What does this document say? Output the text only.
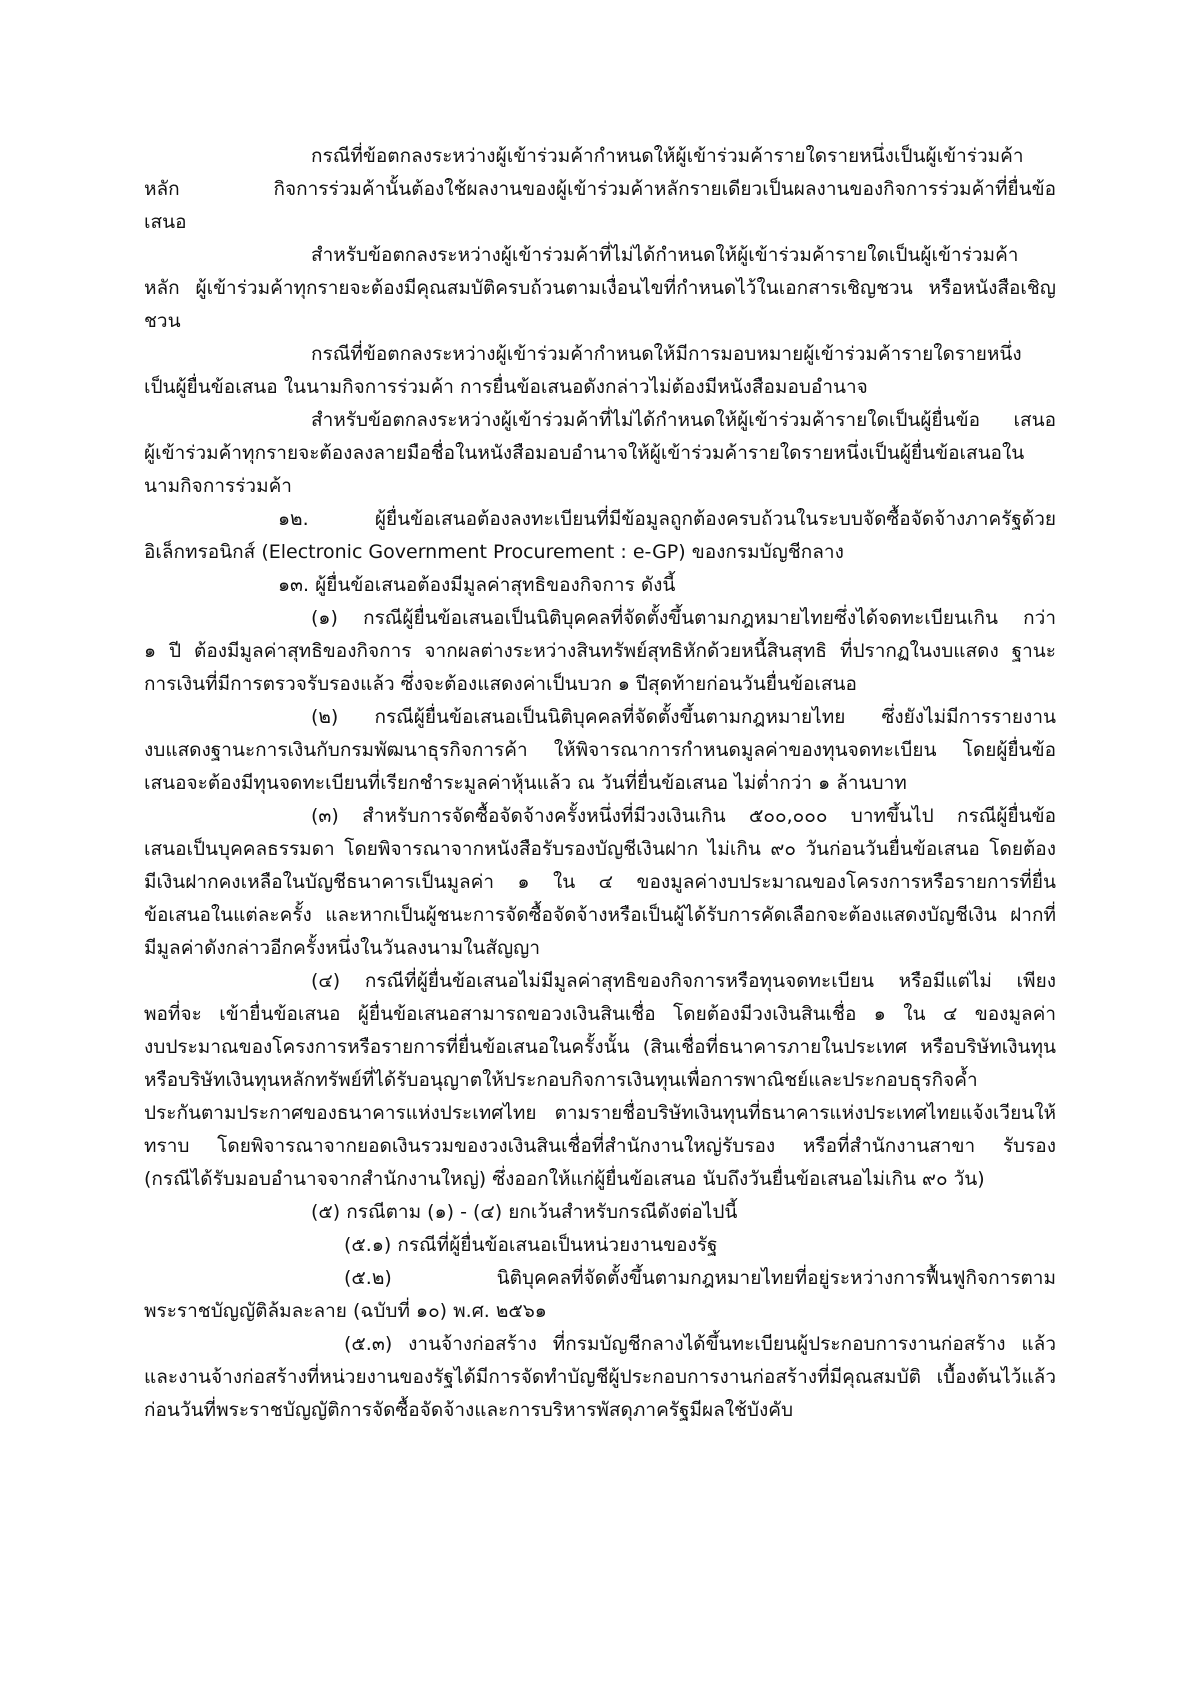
กรณีที่ข้อตกลงระหว่างผู้เข้าร่วมค้ากำหนดให้ผู้เข้าร่วมค้ารายใดรายหนึ่งเป็นผู้เข้าร่วมค้า
หลัก กิจการร่วมค้านั้นต้องใช้ผลงานของผู้เข้าร่วมค้าหลักรายเดียวเป็นผลงานของกิจการร่วมค้าที่ยื่นข้อ
เสนอ
สำหรับข้อตกลงระหว่างผู้เข้าร่วมค้าที่ไม่ได้กำหนดให้ผู้เข้าร่วมค้ารายใดเป็นผู้เข้าร่วมค้า
หลัก ผู้เข้าร่วมค้าทุกรายจะต้องมีคุณสมบัติครบถ้วนตามเงื่อนไขที่กำหนดไว้ในเอกสารเชิญชวน หรือหนังสือเชิญ
ชวน
กรณีที่ข้อตกลงระหว่างผู้เข้าร่วมค้ากำหนดให้มีการมอบหมายผู้เข้าร่วมค้ารายใดรายหนึ่ง
เป็นผู้ยื่นข้อเสนอ ในนามกิจการร่วมค้า การยื่นข้อเสนอดังกล่าวไม่ต้องมีหนังสือมอบอำนาจ
สำหรับข้อตกลงระหว่างผู้เข้าร่วมค้าที่ไม่ได้กำหนดให้ผู้เข้าร่วมค้ารายใดเป็นผู้ยื่นข้อ เสนอ
ผู้เข้าร่วมค้าทุกรายจะต้องลงลายมือชื่อในหนังสือมอบอำนาจให้ผู้เข้าร่วมค้ารายใดรายหนึ่งเป็นผู้ยื่นข้อเสนอใน
นามกิจการร่วมค้า
๑๒. ผู้ยื่นข้อเสนอต้องลงทะเบียนที่มีข้อมูลถูกต้องครบถ้วนในระบบจัดซื้อจัดจ้างภาครัฐด้วย
อิเล็กทรอนิกส์ (Electronic Government Procurement : e-GP) ของกรมบัญชีกลาง
๑๓. ผู้ยื่นข้อเสนอต้องมีมูลค่าสุทธิของกิจการ ดังนี้
(๑) กรณีผู้ยื่นข้อเสนอเป็นนิติบุคคลที่จัดตั้งขึ้นตามกฎหมายไทยซึ่งได้จดทะเบียนเกิน กว่า
๑ ปี ต้องมีมูลค่าสุทธิของกิจการ จากผลต่างระหว่างสินทรัพย์สุทธิหักด้วยหนี้สินสุทธิ ที่ปรากฏในงบแสดง ฐานะ
การเงินที่มีการตรวจรับรองแล้ว ซึ่งจะต้องแสดงค่าเป็นบวก ๑ ปีสุดท้ายก่อนวันยื่นข้อเสนอ
(๒) กรณีผู้ยื่นข้อเสนอเป็นนิติบุคคลที่จัดตั้งขึ้นตามกฎหมายไทย ซึ่งยังไม่มีการรายงาน
งบแสดงฐานะการเงินกับกรมพัฒนาธุรกิจการค้า ให้พิจารณาการกำหนดมูลค่าของทุนจดทะเบียน โดยผู้ยื่นข้อ
เสนอจะต้องมีทุนจดทะเบียนที่เรียกชำระมูลค่าหุ้นแล้ว ณ วันที่ยื่นข้อเสนอ ไม่ต่ำกว่า ๑ ล้านบาท
(๓) สำหรับการจัดซื้อจัดจ้างครั้งหนึ่งที่มีวงเงินเกิน ๕๐๐,๐๐๐ บาทขึ้นไป กรณีผู้ยื่นข้อ
เสนอเป็นบุคคลธรรมดา โดยพิจารณาจากหนังสือรับรองบัญชีเงินฝาก ไม่เกิน ๙๐ วันก่อนวันยื่นข้อเสนอ โดยต้อง
มีเงินฝากคงเหลือในบัญชีธนาคารเป็นมูลค่า ๑ ใน ๔ ของมูลค่างบประมาณของโครงการหรือรายการที่ยื่น
ข้อเสนอในแต่ละครั้ง และหากเป็นผู้ชนะการจัดซื้อจัดจ้างหรือเป็นผู้ได้รับการคัดเลือกจะต้องแสดงบัญชีเงิน ฝากที่
มีมูลค่าดังกล่าวอีกครั้งหนึ่งในวันลงนามในสัญญา
(๔) กรณีที่ผู้ยื่นข้อเสนอไม่มีมูลค่าสุทธิของกิจการหรือทุนจดทะเบียน หรือมีแต่ไม่ เพียง
พอที่จะ เข้ายื่นข้อเสนอ ผู้ยื่นข้อเสนอสามารถขอวงเงินสินเชื่อ โดยต้องมีวงเงินสินเชื่อ ๑ ใน ๔ ของมูลค่า
งบประมาณของโครงการหรือรายการที่ยื่นข้อเสนอในครั้งนั้น (สินเชื่อที่ธนาคารภายในประเทศ หรือบริษัทเงินทุน
หรือบริษัทเงินทุนหลักทรัพย์ที่ได้รับอนุญาตให้ประกอบกิจการเงินทุนเพื่อการพาณิชย์และประกอบธุรกิจค้ำ
ประกันตามประกาศของธนาคารแห่งประเทศไทย ตามรายชื่อบริษัทเงินทุนที่ธนาคารแห่งประเทศไทยแจ้งเวียนให้
ทราบ โดยพิจารณาจากยอดเงินรวมของวงเงินสินเชื่อที่สำนักงานใหญ่รับรอง หรือที่สำนักงานสาขา รับรอง
(กรณีได้รับมอบอำนาจจากสำนักงานใหญ่) ซึ่งออกให้แก่ผู้ยื่นข้อเสนอ นับถึงวันยื่นข้อเสนอไม่เกิน ๙๐ วัน)
(๕) กรณีตาม (๑) - (๔) ยกเว้นสำหรับกรณีดังต่อไปนี้
(๕.๑) กรณีที่ผู้ยื่นข้อเสนอเป็นหน่วยงานของรัฐ
(๕.๒) นิติบุคคลที่จัดตั้งขึ้นตามกฎหมายไทยที่อยู่ระหว่างการฟื้นฟูกิจการตาม
พระราชบัญญัติล้มละลาย (ฉบับที่ ๑๐) พ.ศ. ๒๕๖๑
(๕.๓) งานจ้างก่อสร้าง ที่กรมบัญชีกลางได้ขึ้นทะเบียนผู้ประกอบการงานก่อสร้าง แล้ว
และงานจ้างก่อสร้างที่หน่วยงานของรัฐได้มีการจัดทำบัญชีผู้ประกอบการงานก่อสร้างที่มีคุณสมบัติ เบื้องต้นไว้แล้ว
ก่อนวันที่พระราชบัญญัติการจัดซื้อจัดจ้างและการบริหารพัสดุภาครัฐมีผลใช้บังคับ
